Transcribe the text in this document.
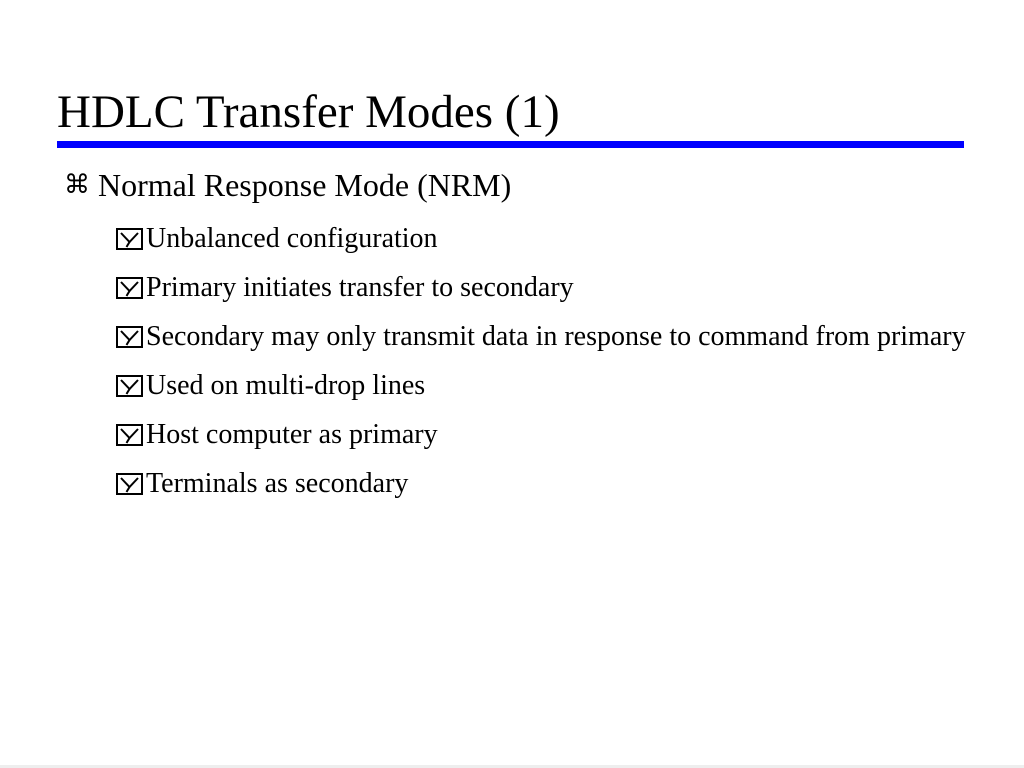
HDLC Transfer Modes (1)
⌘ Normal Response Mode (NRM)
Unbalanced configuration
Primary initiates transfer to secondary
Secondary may only transmit data in response to command from primary
Used on multi-drop lines
Host computer as primary
Terminals as secondary
